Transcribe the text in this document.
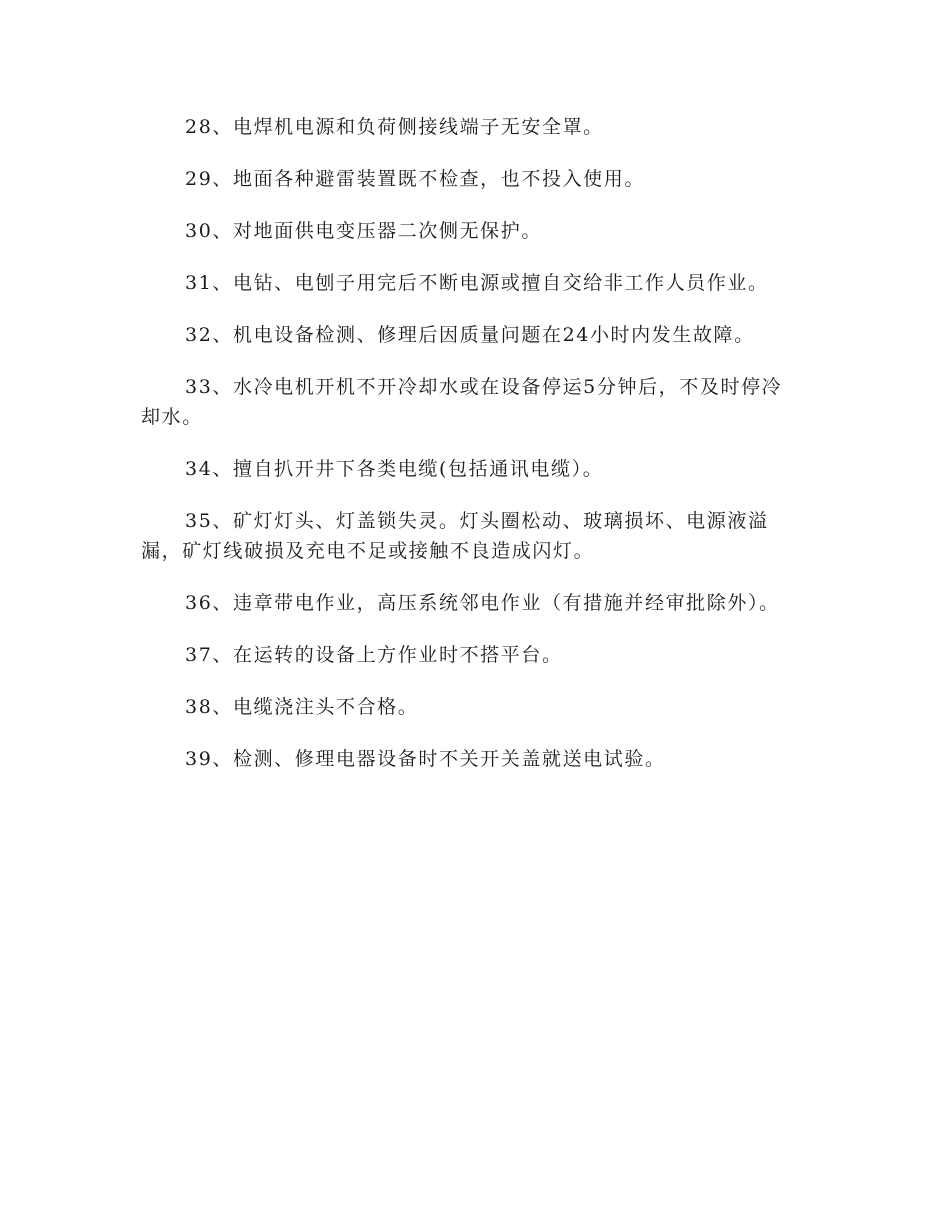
28、电焊机电源和负荷侧接线端子无安全罩。

29、地面各种避雷装置既不检查，也不投入使用。

30、对地面供电变压器二次侧无保护。

31、电钻、电刨子用完后不断电源或擅自交给非工作人员作业。

32、机电设备检测、修理后因质量问题在24小时内发生故障。

33、水冷电机开机不开冷却水或在设备停运5分钟后，不及时停冷却水。

34、擅自扒开井下各类电缆(包括通讯电缆）。

35、矿灯灯头、灯盖锁失灵。灯头圈松动、玻璃损坏、电源液溢漏，矿灯线破损及充电不足或接触不良造成闪灯。

36、违章带电作业，高压系统邻电作业（有措施并经审批除外）。

37、在运转的设备上方作业时不搭平台。

38、电缆浇注头不合格。

39、检测、修理电器设备时不关开关盖就送电试验。
